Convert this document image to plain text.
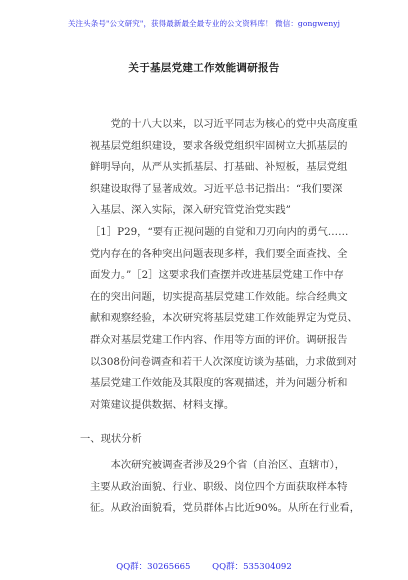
关注头条号"公文研究"，获得最新最全最专业的公文资料库！ 微信：gongwenyj
关于基层党建工作效能调研报告
　　党的十八大以来，以习近平同志为核心的党中央高度重
视基层党组织建设，要求各级党组织牢固树立大抓基层的
鲜明导向，从严从实抓基层、打基础、补短板，基层党组
织建设取得了显著成效。习近平总书记指出：“我们要深
入基层、深入实际，深入研究管党治党实践”
［1］P29，“要有正视问题的自觉和刀刃向内的勇气……
党内存在的各种突出问题表现多样，我们要全面查找、全
面发力。”［2］这要求我们查摆并改进基层党建工作中存
在的突出问题，切实提高基层党建工作效能。综合经典文
献和观察经验，本次研究将基层党建工作效能界定为党员、
群众对基层党建工作内容、作用等方面的评价。调研报告
以308份问卷调查和若干人次深度访谈为基础，力求做到对
基层党建工作效能及其限度的客观描述，并为问题分析和
对策建议提供数据、材料支撑。
一、现状分析
　　本次研究被调查者涉及29个省（自治区、直辖市），
主要从政治面貌、行业、职级、岗位四个方面获取样本特
征。从政治面貌看，党员群体占比近90%。从所在行业看，
QQ群：30265665 　　QQ群：535304092
